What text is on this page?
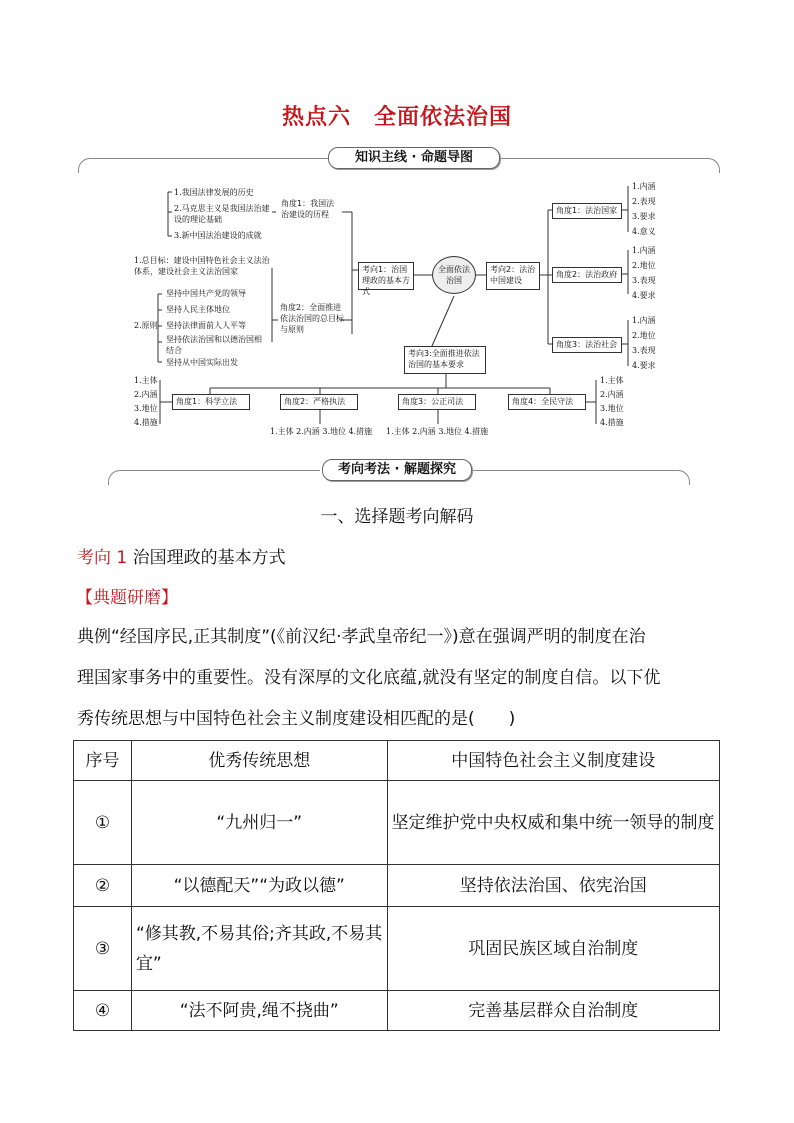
热点六　全面依法治国
知识主线 · 命题导图
1.我国法律发展的历史
2.马克思主义是我国法治建设的理论基础
3.新中国法治建设的成就
角度1：我国法治建设的历程
1.总目标：建设中国特色社会主义法治体系，建设社会主义法治国家
2.原则
坚持中国共产党的领导
坚持人民主体地位
坚持法律面前人人平等
坚持依法治国和以德治国相结合
坚持从中国实际出发
角度2：全面推进依法治国的总目标与原则
考向1：治国理政的基本方式
全面依法治国
考向2：法治中国建设
考向3:全面推进依法治国的基本要求
角度1：法治国家
角度2：法治政府
角度3：法治社会
1.内涵
2.表现
3.要求
4.意义
1.内涵
2.地位
3.表现
4.要求
1.内涵
2.地位
3.表现
4.要求
角度1：科学立法	角度2：严格执法	角度3：公正司法	角度4：全民守法
1.主体
2.内涵
3.地位
4.措施
1.主体 2.内涵 3.地位 4.措施 1.主体 2.内涵 3.地位 4.措施
1.主体
2.内涵
3.地位
4.措施
考向考法 · 解题探究
一、选择题考向解码
考向 1 治国理政的基本方式
【典题研磨】
典例“经国序民,正其制度”(《前汉纪·孝武皇帝纪一》)意在强调严明的制度在治
理国家事务中的重要性。没有深厚的文化底蕴,就没有坚定的制度自信。以下优
秀传统思想与中国特色社会主义制度建设相匹配的是(　　)
序号	优秀传统思想	中国特色社会主义制度建设
①	“九州归一”	坚定维护党中央权威和集中统一领导的制度
②	“以德配天”“为政以德”	坚持依法治国、依宪治国
③	“修其教,不易其俗;齐其政,不易其宜”	巩固民族区域自治制度
④	“法不阿贵,绳不挠曲”	完善基层群众自治制度
